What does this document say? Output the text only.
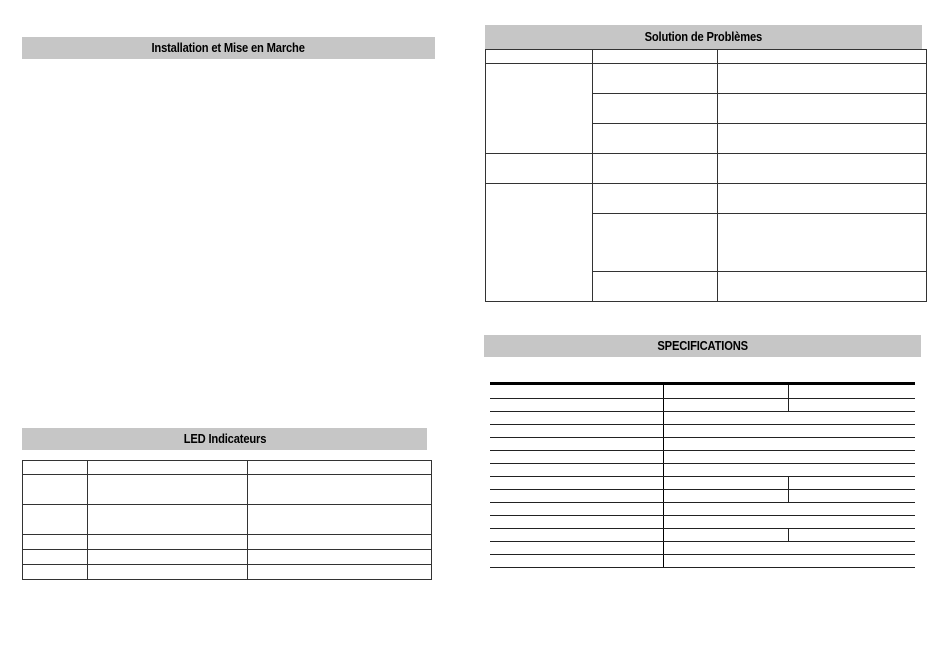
Installation et Mise en Marche
LED Indicateurs

Solution de Problèmes

SPECIFICATIONS
